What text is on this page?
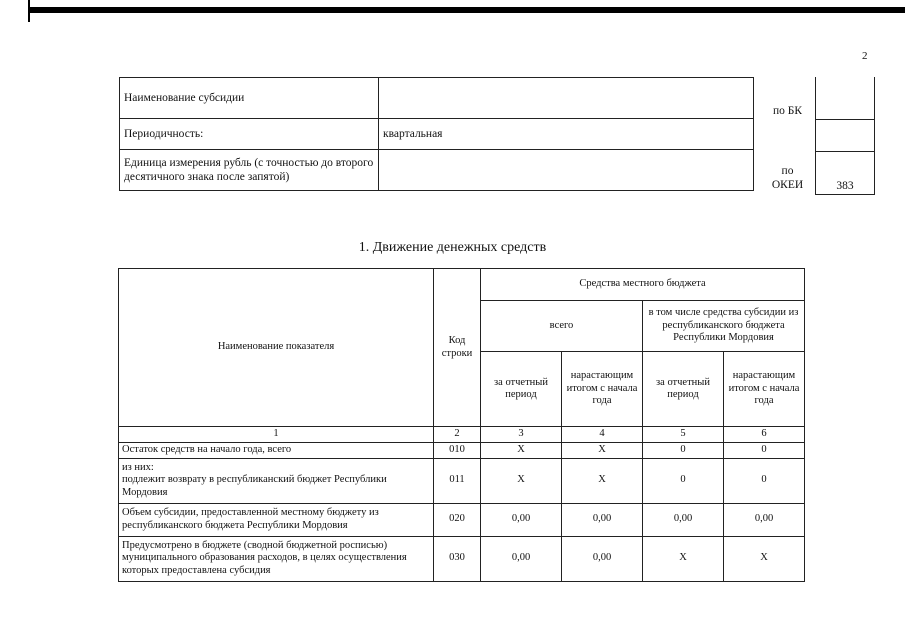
2
Наименование субсидии	
Периодичность:	квартальная
Единица измерения рубль (с точностью до второго десятичного знака после запятой)	
по БК	

по ОКЕИ	383
1. Движение денежных средств
Наименование показателя	Код строки	Средства местного бюджета			
		всего		в том числе средства субсидии из республиканского бюджета Республики Мордовия	
		за отчетный период	нарастающим итогом с начала года	за отчетный период	нарастающим итогом с начала года
1	2	3	4	5	6
Остаток средств на начало года, всего	010	X	X	0	0
из них:
подлежит возврату в республиканский бюджет Республики Мордовия	011	X	X	0	0
Объем субсидии, предоставленной местному бюджету из республиканского бюджета Республики Мордовия	020	0,00	0,00	0,00	0,00
Предусмотрено в бюджете (сводной бюджетной росписью) муниципального образования расходов, в целях осуществления которых предоставлена субсидия	030	0,00	0,00	X	X
